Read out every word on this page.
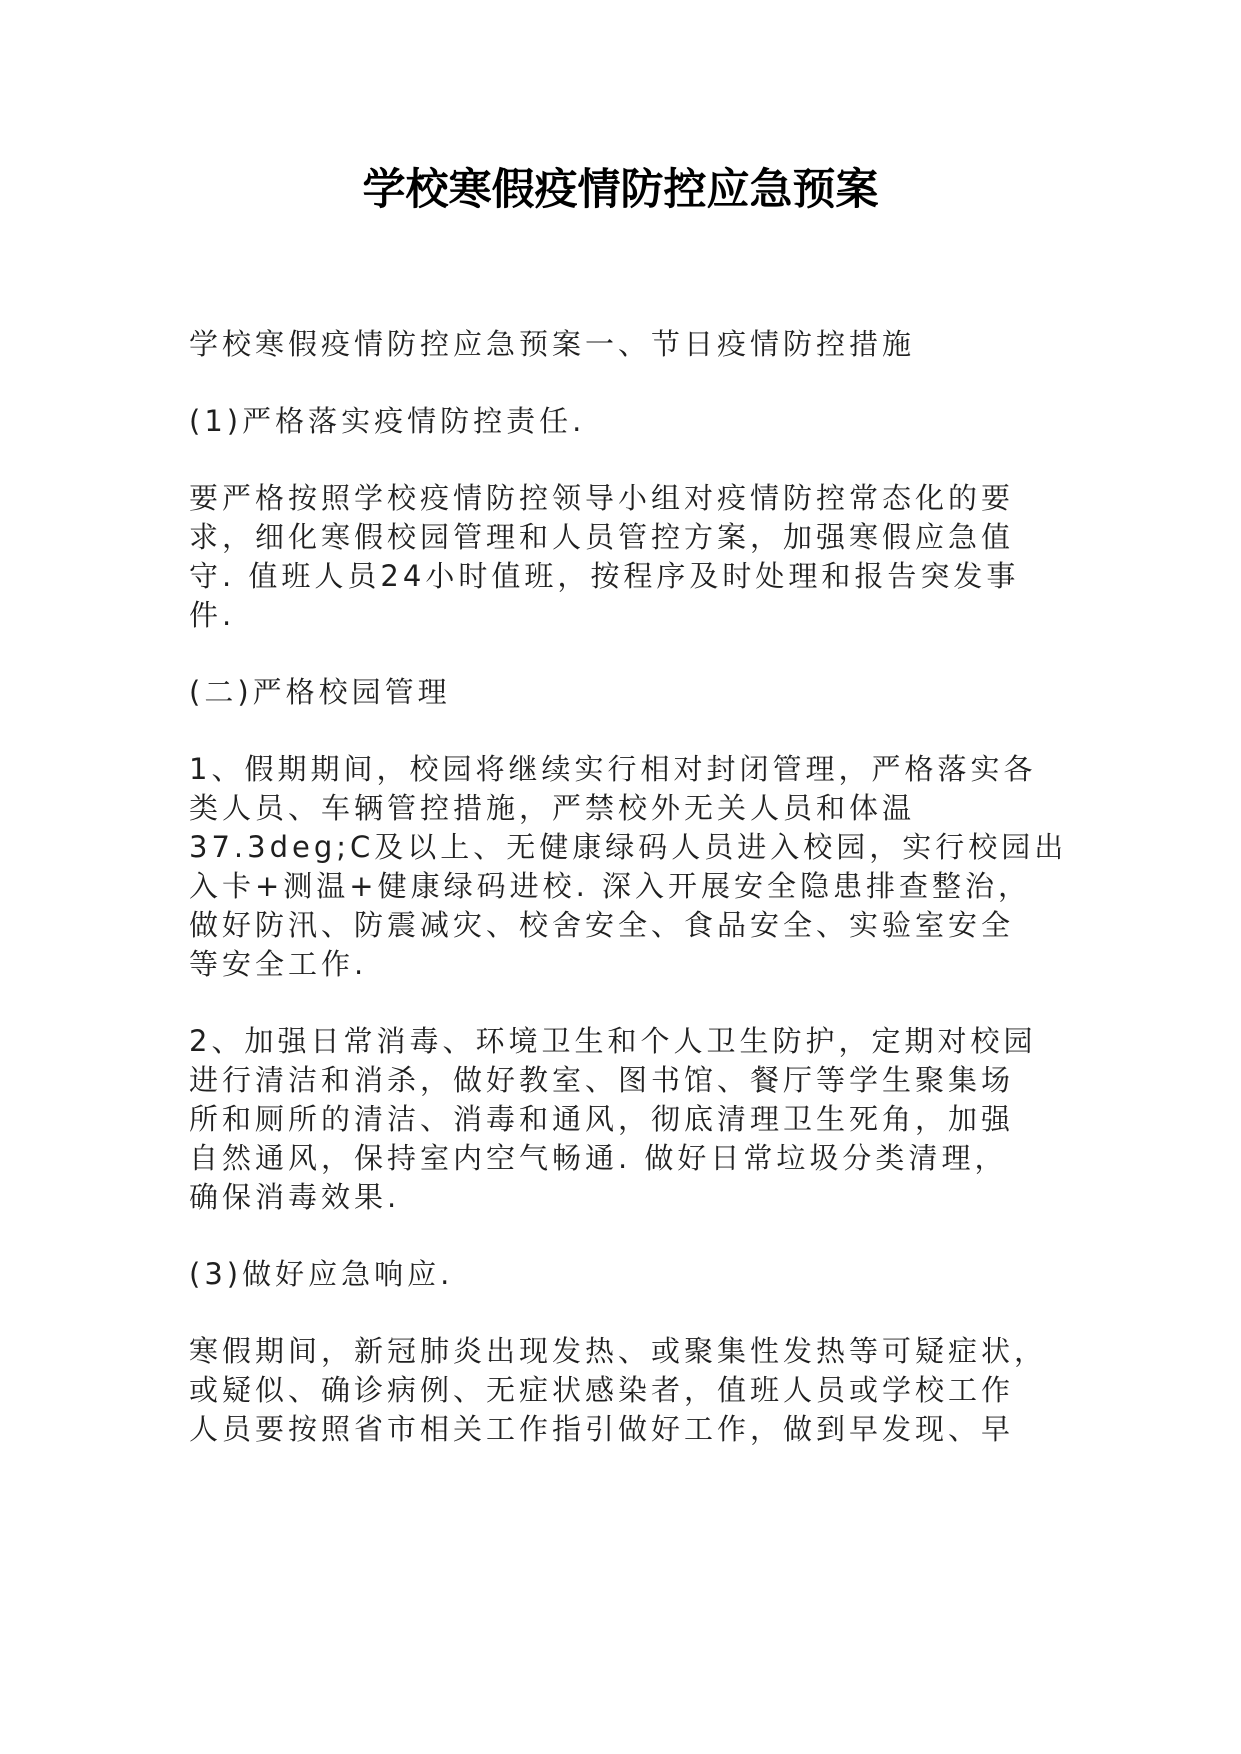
学校寒假疫情防控应急预案

学校寒假疫情防控应急预案一、节日疫情防控措施

(1)严格落实疫情防控责任.

要严格按照学校疫情防控领导小组对疫情防控常态化的要
求，细化寒假校园管理和人员管控方案，加强寒假应急值
守. 值班人员24小时值班，按程序及时处理和报告突发事
件.

(二)严格校园管理

1、假期期间，校园将继续实行相对封闭管理，严格落实各
类人员、车辆管控措施，严禁校外无关人员和体温
37.3deg;C及以上、无健康绿码人员进入校园，实行校园出
入卡+测温+健康绿码进校. 深入开展安全隐患排查整治，
做好防汛、防震减灾、校舍安全、食品安全、实验室安全
等安全工作.

2、加强日常消毒、环境卫生和个人卫生防护，定期对校园
进行清洁和消杀，做好教室、图书馆、餐厅等学生聚集场
所和厕所的清洁、消毒和通风，彻底清理卫生死角，加强
自然通风，保持室内空气畅通. 做好日常垃圾分类清理，
确保消毒效果.

(3)做好应急响应.

寒假期间，新冠肺炎出现发热、或聚集性发热等可疑症状，
或疑似、确诊病例、无症状感染者，值班人员或学校工作
人员要按照省市相关工作指引做好工作，做到早发现、早
